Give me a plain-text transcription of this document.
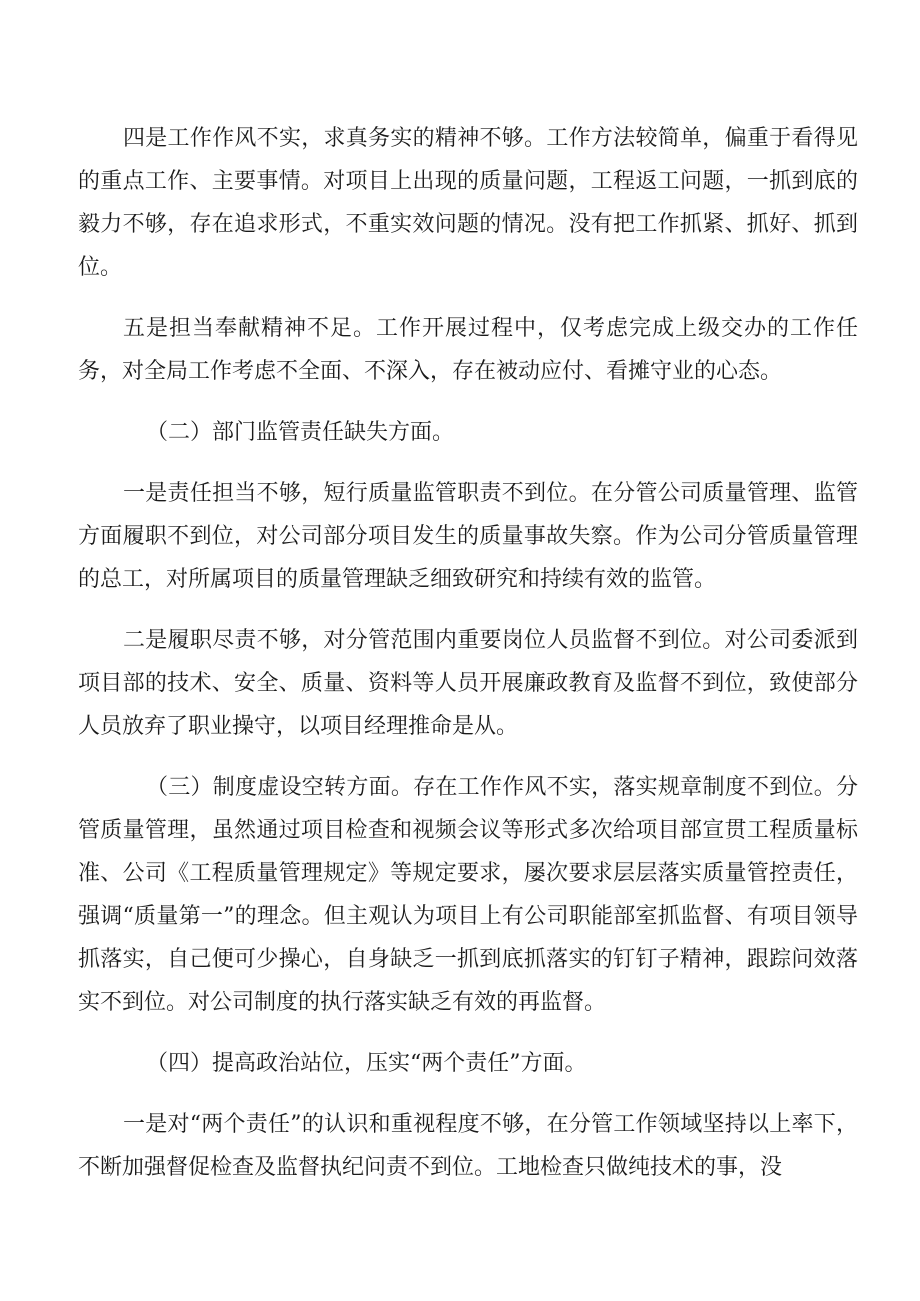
四是工作作风不实，求真务实的精神不够。工作方法较简单，偏重于看得见的重点工作、主要事情。对项目上出现的质量问题，工程返工问题，一抓到底的毅力不够，存在追求形式，不重实效问题的情况。没有把工作抓紧、抓好、抓到位。

五是担当奉献精神不足。工作开展过程中，仅考虑完成上级交办的工作任务，对全局工作考虑不全面、不深入，存在被动应付、看摊守业的心态。

（二）部门监管责任缺失方面。

一是责任担当不够，短行质量监管职责不到位。在分管公司质量管理、监管方面履职不到位，对公司部分项目发生的质量事故失察。作为公司分管质量管理的总工，对所属项目的质量管理缺乏细致研究和持续有效的监管。

二是履职尽责不够，对分管范围内重要岗位人员监督不到位。对公司委派到项目部的技术、安全、质量、资料等人员开展廉政教育及监督不到位，致使部分人员放弃了职业操守，以项目经理推命是从。

（三）制度虚设空转方面。存在工作作风不实，落实规章制度不到位。分管质量管理，虽然通过项目检查和视频会议等形式多次给项目部宣贯工程质量标准、公司《工程质量管理规定》等规定要求，屡次要求层层落实质量管控责任，强调“质量第一”的理念。但主观认为项目上有公司职能部室抓监督、有项目领导抓落实，自己便可少操心，自身缺乏一抓到底抓落实的钉钉子精神，跟踪问效落实不到位。对公司制度的执行落实缺乏有效的再监督。

（四）提高政治站位，压实“两个责任”方面。

一是对“两个责任”的认识和重视程度不够，在分管工作领域坚持以上率下，不断加强督促检查及监督执纪问责不到位。工地检查只做纯技术的事，没
